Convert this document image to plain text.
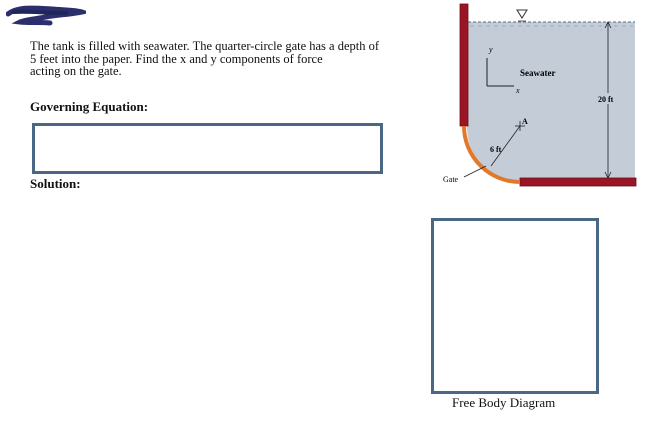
The tank is filled with seawater. The quarter-circle gate has a depth of
5 feet into the paper. Find the x and y components of force
acting on the gate.
Governing Equation:
Solution:
y
x
Seawater
A
6 ft
20 ft
Gate
Free Body Diagram
